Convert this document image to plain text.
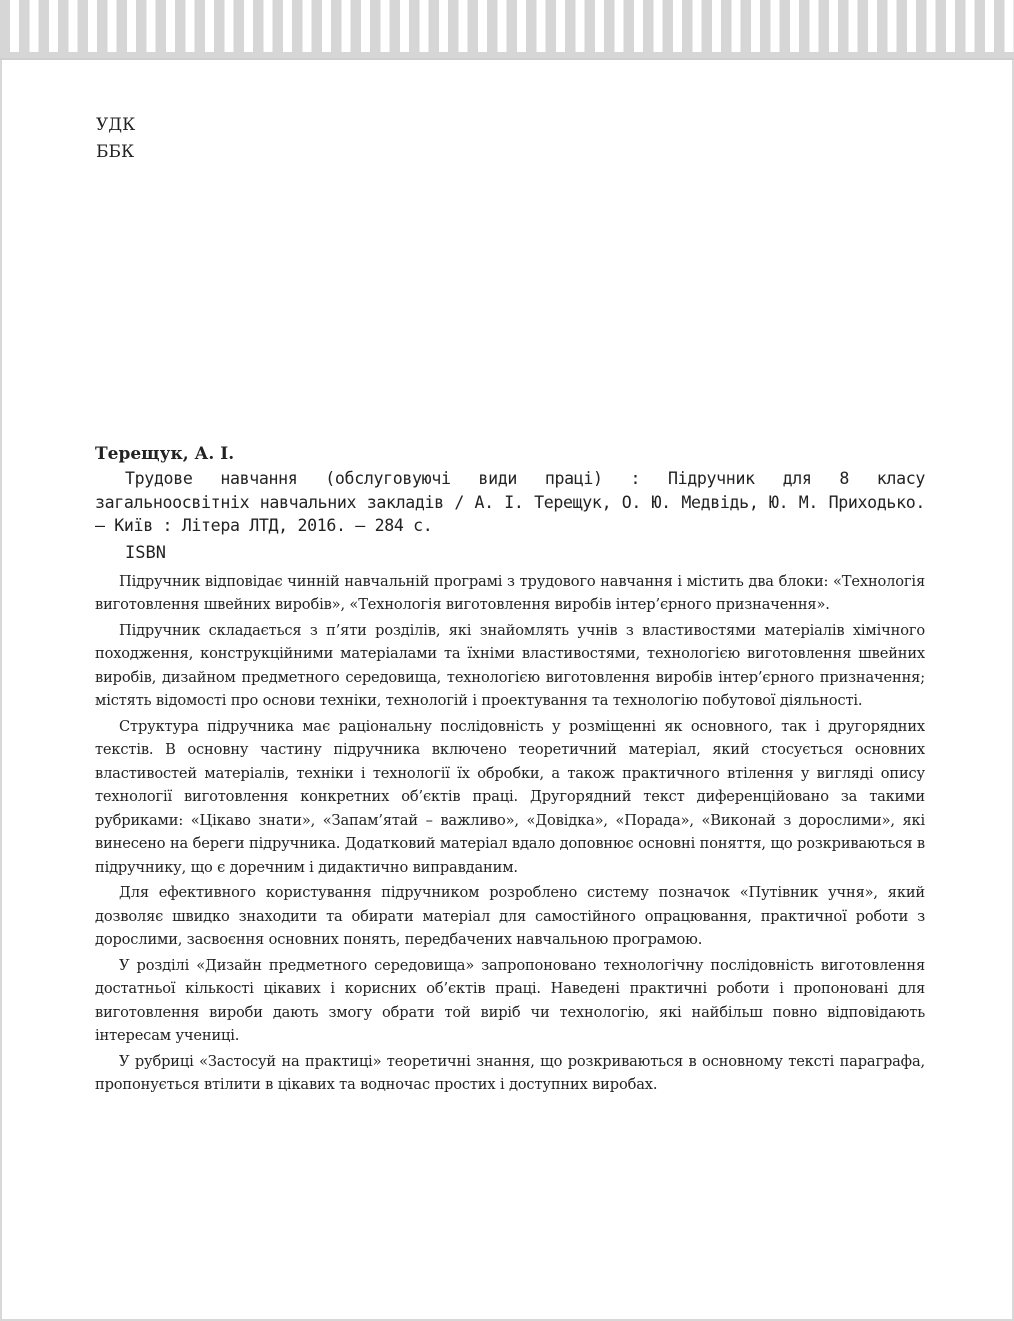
УДК
ББК

Терещук, А. І.

Трудове навчання (обслуговуючі види праці) : Підручник для 8 класу загальноосвітніх навчальних закладів / А. І. Терещук, О. Ю. Медвідь, Ю. М. Приходько. – Київ : Літера ЛТД, 2016. – 284 с.

ISBN

Підручник відповідає чинній навчальній програмі з трудового навчання і містить два блоки: «Технологія виготовлення швейних виробів», «Технологія виготовлення виробів інтер’єрного призначення».

Підручник складається з п’яти розділів, які знайомлять учнів з властивостями матеріалів хімічного походження, конструкційними матеріалами та їхніми властивостями, технологією виготовлення швейних виробів, дизайном предметного середовища, технологією виготовлення виробів інтер’єрного призначення; містять відомості про основи техніки, технологій і проектування та технологію побутової діяльності.

Структура підручника має раціональну послідовність у розміщенні як основного, так і другорядних текстів. В основну частину підручника включено теоретичний матеріал, який стосується основних властивостей матеріалів, техніки і технології їх обробки, а також практичного втілення у вигляді опису технології виготовлення конкретних об’єктів праці. Другорядний текст диференційовано за такими рубриками: «Цікаво знати», «Запам’ятай – важливо», «Довідка», «Порада», «Виконай з дорослими», які винесено на береги підручника. Додатковий матеріал вдало доповнює основні поняття, що розкриваються в підручнику, що є доречним і дидактично виправданим.

Для ефективного користування підручником розроблено систему позначок «Путівник учня», який дозволяє швидко знаходити та обирати матеріал для самостійного опрацювання, практичної роботи з дорослими, засвоєння основних понять, передбачених навчальною програмою.

У розділі «Дизайн предметного середовища» запропоновано технологічну послідовність виготовлення достатньої кількості цікавих і корисних об’єктів праці. Наведені практичні роботи і пропоновані для виготовлення вироби дають змогу обрати той виріб чи технологію, які найбільш повно відповідають інтересам учениці.

У рубриці «Застосуй на практиці» теоретичні знання, що розкриваються в основному тексті параграфа, пропонується втілити в цікавих та водночас простих і доступних виробах.
